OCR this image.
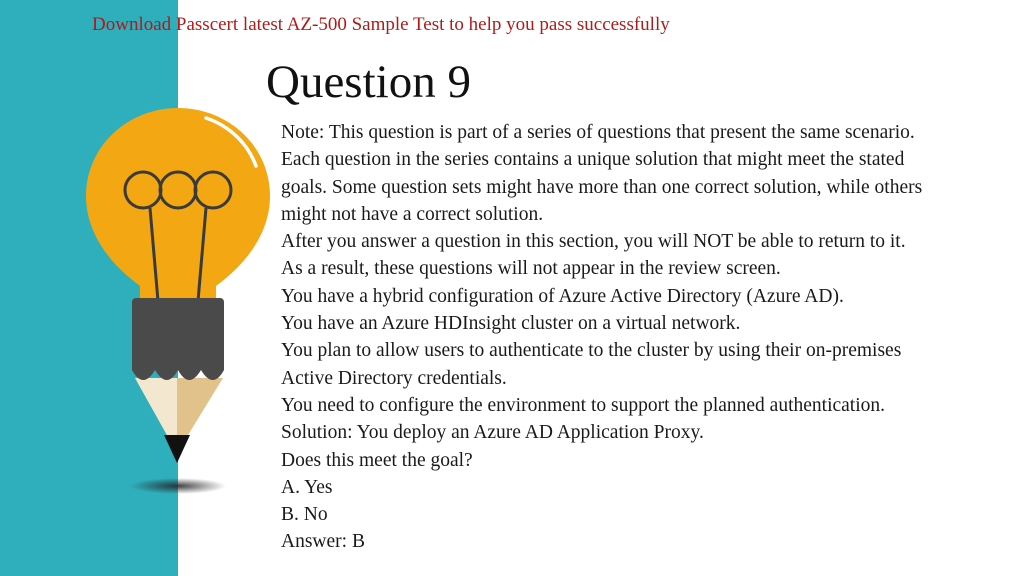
Download Passcert latest AZ-500 Sample Test to help you pass successfully
Question 9
Note: This question is part of a series of questions that present the same scenario.
Each question in the series contains a unique solution that might meet the stated
goals. Some question sets might have more than one correct solution, while others
might not have a correct solution.
After you answer a question in this section, you will NOT be able to return to it.
As a result, these questions will not appear in the review screen.
You have a hybrid configuration of Azure Active Directory (Azure AD).
You have an Azure HDInsight cluster on a virtual network.
You plan to allow users to authenticate to the cluster by using their on-premises
Active Directory credentials.
You need to configure the environment to support the planned authentication.
Solution: You deploy an Azure AD Application Proxy.
Does this meet the goal?
A. Yes
B. No
Answer: B
